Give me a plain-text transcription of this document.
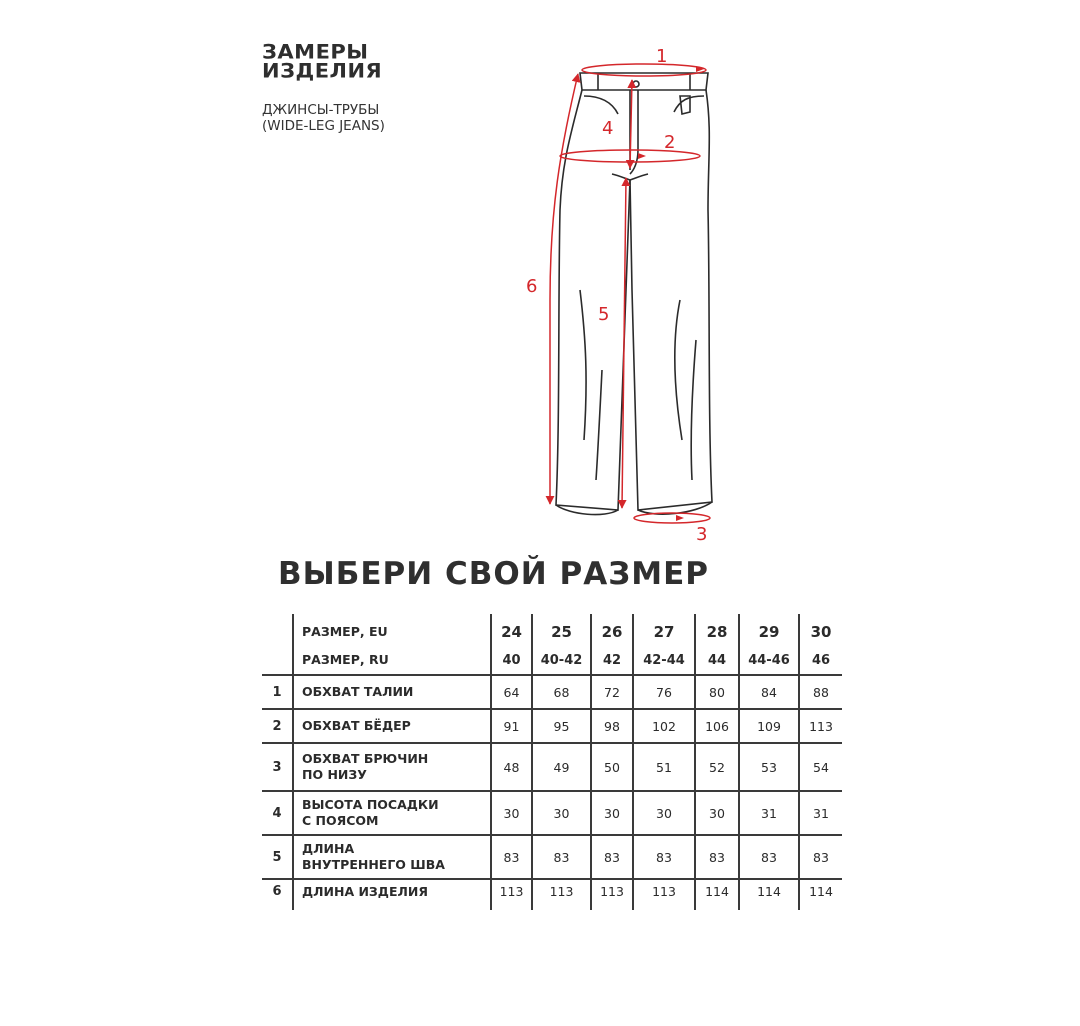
ЗАМЕРЫ
ИЗДЕЛИЯ
ДЖИНСЫ-ТРУБЫ
(WIDE-LEG JEANS)
1
2
3
4
5
6
ВЫБЕРИ СВОЙ РАЗМЕР
	РАЗМЕР, EU	24	25	26	27	28	29	30
	РАЗМЕР, RU	40	40-42	42	42-44	44	44-46	46
1	ОБХВАТ ТАЛИИ	64	68	72	76	80	84	88
2	ОБХВАТ БЁДЕР	91	95	98	102	106	109	113
3	ОБХВАТ БРЮЧИН
ПО НИЗУ	48	49	50	51	52	53	54
4	ВЫСОТА ПОСАДКИ
С ПОЯСОМ	30	30	30	30	30	31	31
5	ДЛИНА
ВНУТРЕННЕГО ШВА	83	83	83	83	83	83	83
6	ДЛИНА ИЗДЕЛИЯ	113	113	113	113	114	114	114
